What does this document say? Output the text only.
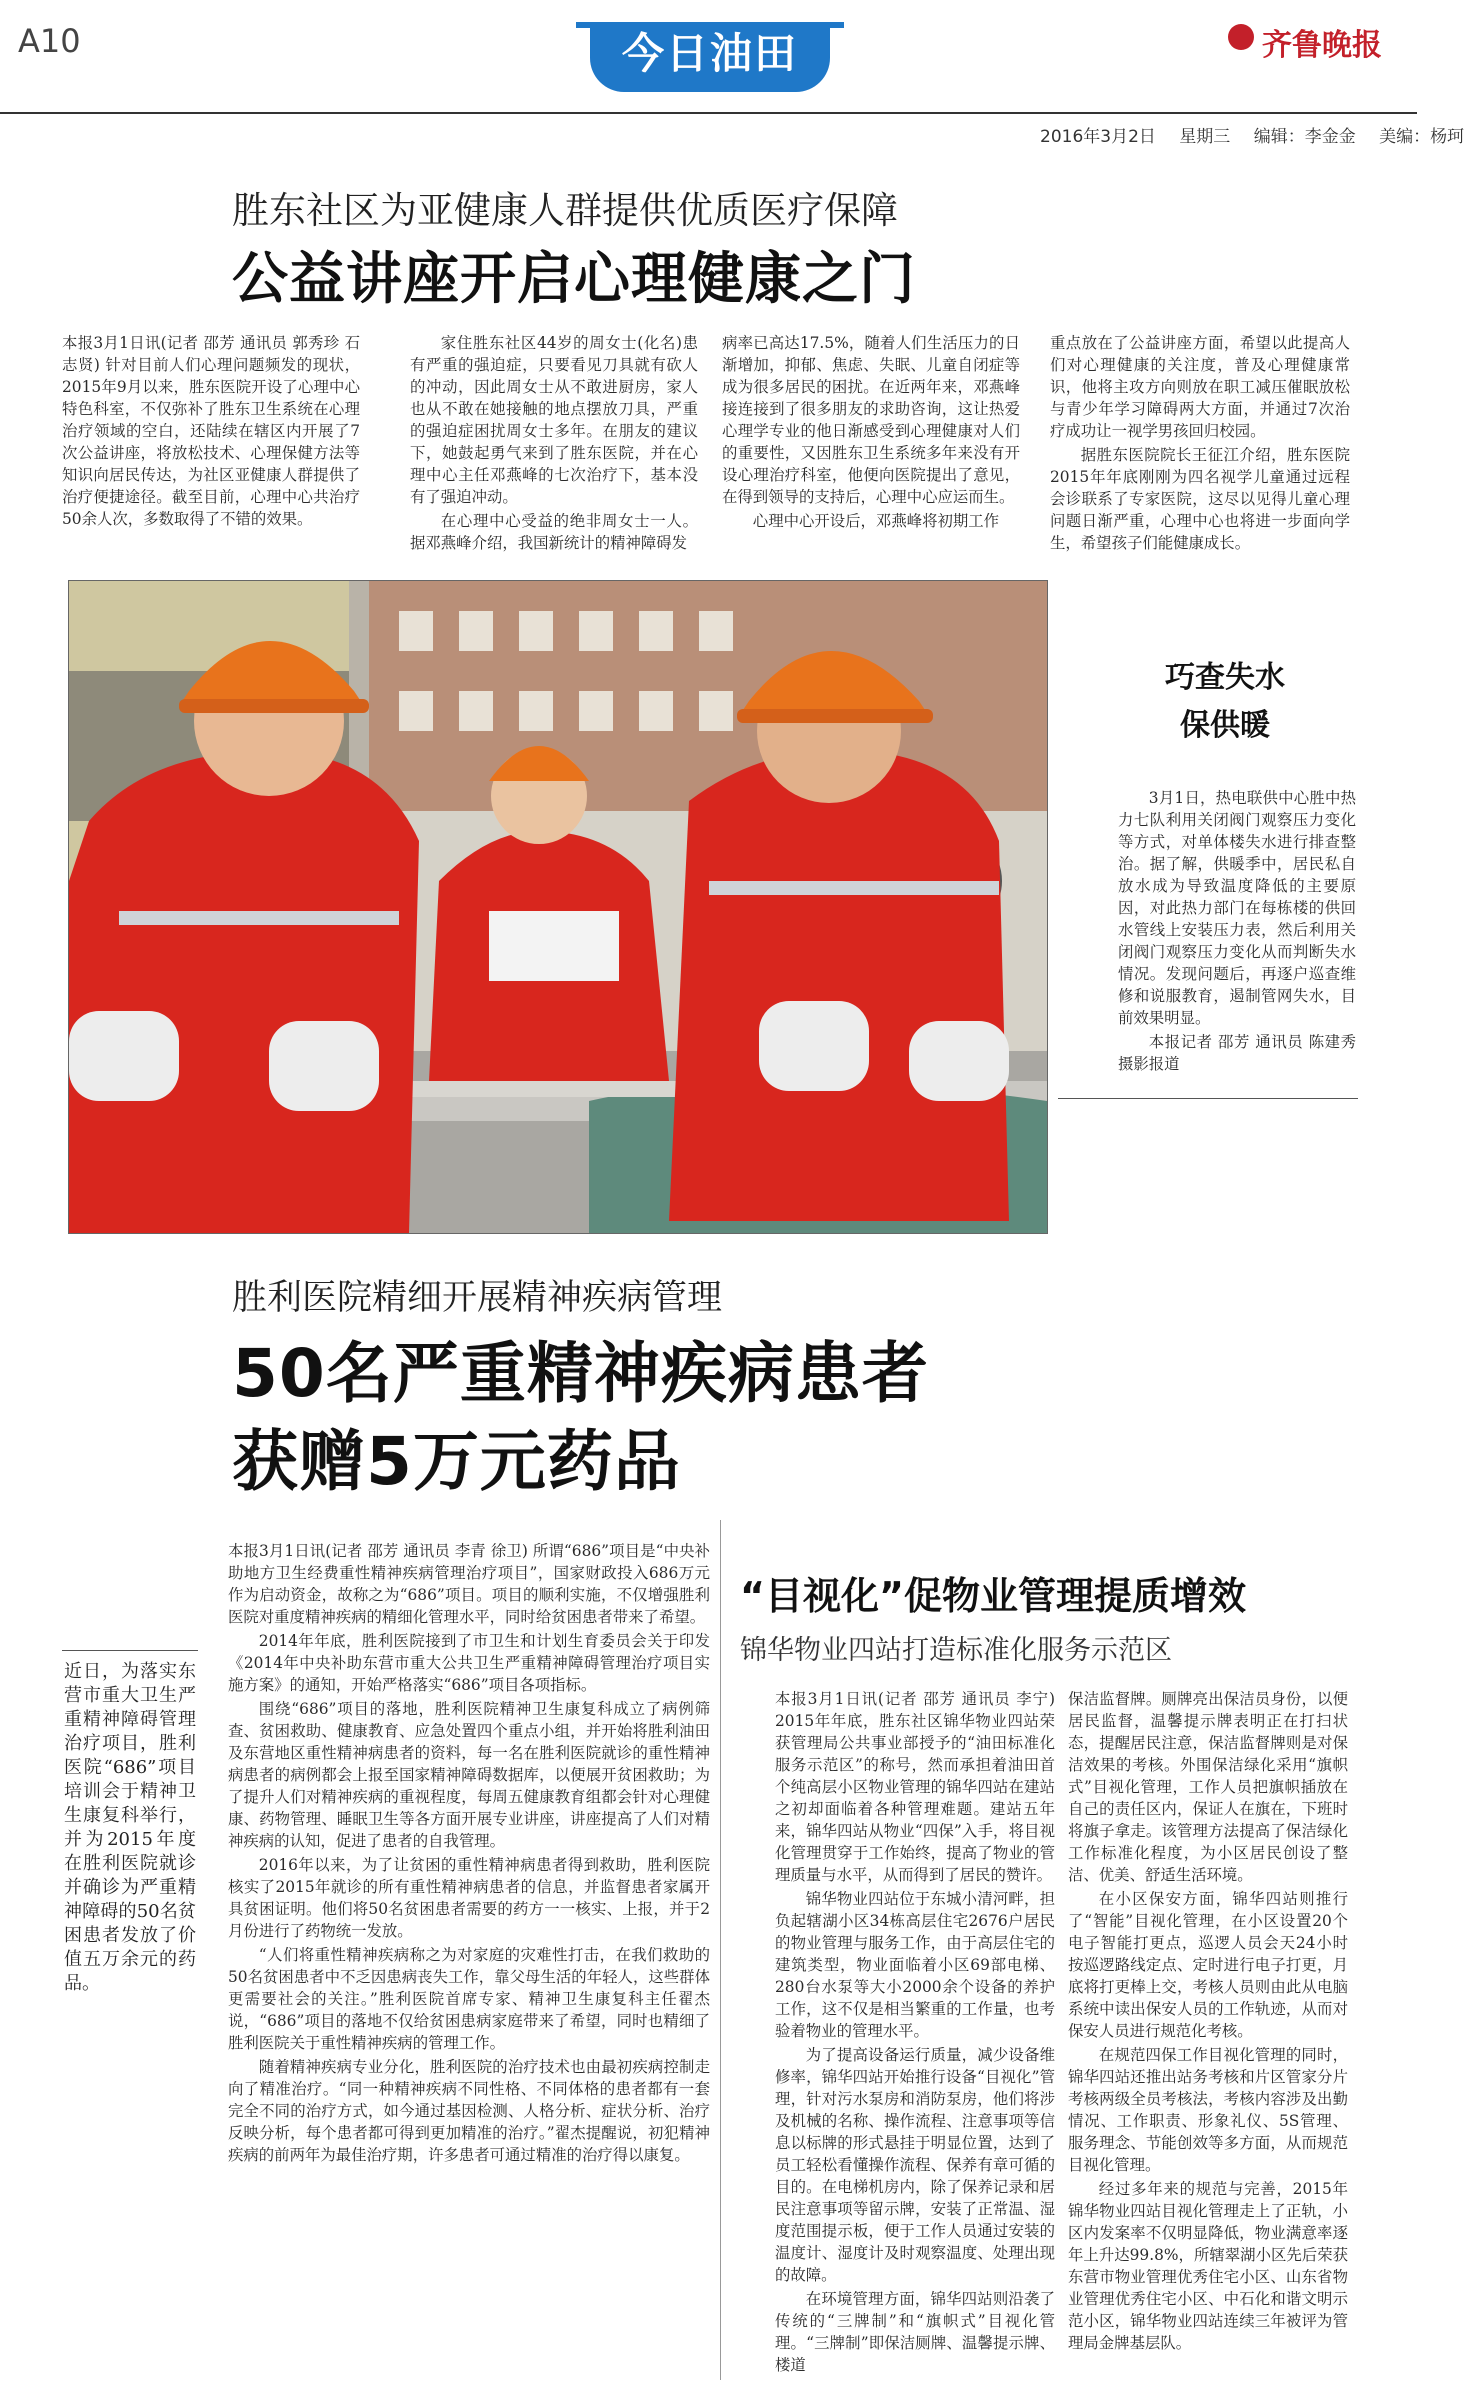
A10	今日油田	齐鲁晚报
2016年3月2日 星期三 编辑：李金金 美编：杨珂
胜东社区为亚健康人群提供优质医疗保障
公益讲座开启心理健康之门

本报3月1日讯(记者 邵芳 通讯员 郭秀珍 石志贤) 针对目前人们心理问题频发的现状，2015年9月以来，胜东医院开设了心理中心特色科室，不仅弥补了胜东卫生系统在心理治疗领域的空白，还陆续在辖区内开展了7次公益讲座，将放松技术、心理保健方法等知识向居民传达，为社区亚健康人群提供了治疗便捷途径。截至目前，心理中心共治疗50余人次，多数取得了不错的效果。

家住胜东社区44岁的周女士(化名)患有严重的强迫症，只要看见刀具就有砍人的冲动，因此周女士从不敢进厨房，家人也从不敢在她接触的地点摆放刀具，严重的强迫症困扰周女士多年。在朋友的建议下，她鼓起勇气来到了胜东医院，并在心理中心主任邓燕峰的七次治疗下，基本没有了强迫冲动。

在心理中心受益的绝非周女士一人。据邓燕峰介绍，我国新统计的精神障碍发

病率已高达17.5%，随着人们生活压力的日渐增加，抑郁、焦虑、失眠、儿童自闭症等成为很多居民的困扰。在近两年来，邓燕峰接连接到了很多朋友的求助咨询，这让热爱心理学专业的他日渐感受到心理健康对人们的重要性，又因胜东卫生系统多年来没有开设心理治疗科室，他便向医院提出了意见，在得到领导的支持后，心理中心应运而生。

心理中心开设后，邓燕峰将初期工作

重点放在了公益讲座方面，希望以此提高人们对心理健康的关注度，普及心理健康常识，他将主攻方向则放在职工减压催眠放松与青少年学习障碍两大方面，并通过7次治疗成功让一视学男孩回归校园。

据胜东医院院长王征江介绍，胜东医院2015年年底刚刚为四名视学儿童通过远程会诊联系了专家医院，这尽以见得儿童心理问题日渐严重，心理中心也将进一步面向学生，希望孩子们能健康成长。

巧查失水
保供暖

3月1日，热电联供中心胜中热力七队利用关闭阀门观察压力变化等方式，对单体楼失水进行排查整治。据了解，供暖季中，居民私自放水成为导致温度降低的主要原因，对此热力部门在每栋楼的供回水管线上安装压力表，然后利用关闭阀门观察压力变化从而判断失水情况。发现问题后，再逐户巡查维修和说服教育，遏制管网失水，目前效果明显。

本报记者 邵芳 通讯员 陈建秀 摄影报道

胜利医院精细开展精神疾病管理
50名严重精神疾病患者
获赠5万元药品
近日，为落实东营市重大卫生严重精神障碍管理治疗项目，胜利医院“686”项目培训会于精神卫生康复科举行，并为2015年度在胜利医院就诊并确诊为严重精神障碍的50名贫困患者发放了价值五万余元的药品。

本报3月1日讯(记者 邵芳 通讯员 李青 徐卫) 所谓“686”项目是“中央补助地方卫生经费重性精神疾病管理治疗项目”，国家财政投入686万元作为启动资金，故称之为“686”项目。项目的顺利实施，不仅增强胜利医院对重度精神疾病的精细化管理水平，同时给贫困患者带来了希望。

2014年年底，胜利医院接到了市卫生和计划生育委员会关于印发《2014年中央补助东营市重大公共卫生严重精神障碍管理治疗项目实施方案》的通知，开始严格落实“686”项目各项指标。

围绕“686”项目的落地，胜利医院精神卫生康复科成立了病例筛查、贫困救助、健康教育、应急处置四个重点小组，并开始将胜利油田及东营地区重性精神病患者的资料，每一名在胜利医院就诊的重性精神病患者的病例都会上报至国家精神障碍数据库，以便展开贫困救助；为了提升人们对精神疾病的重视程度，每周五健康教育组都会针对心理健康、药物管理、睡眠卫生等各方面开展专业讲座，讲座提高了人们对精神疾病的认知，促进了患者的自我管理。

2016年以来，为了让贫困的重性精神病患者得到救助，胜利医院核实了2015年就诊的所有重性精神病患者的信息，并监督患者家属开具贫困证明。他们将50名贫困患者需要的药方一一核实、上报，并于2月份进行了药物统一发放。

“人们将重性精神疾病称之为对家庭的灾难性打击，在我们救助的50名贫困患者中不乏因患病丧失工作，靠父母生活的年轻人，这些群体更需要社会的关注。”胜利医院首席专家、精神卫生康复科主任翟杰说，“686”项目的落地不仅给贫困患病家庭带来了希望，同时也精细了胜利医院关于重性精神疾病的管理工作。

随着精神疾病专业分化，胜利医院的治疗技术也由最初疾病控制走向了精准治疗。“同一种精神疾病不同性格、不同体格的患者都有一套完全不同的治疗方式，如今通过基因检测、人格分析、症状分析、治疗反映分析，每个患者都可得到更加精准的治疗。”翟杰提醒说，初犯精神疾病的前两年为最佳治疗期，许多患者可通过精准的治疗得以康复。

“目视化”促物业管理提质增效
锦华物业四站打造标准化服务示范区

本报3月1日讯(记者 邵芳 通讯员 李宁) 2015年年底，胜东社区锦华物业四站荣获管理局公共事业部授予的“油田标准化服务示范区”的称号，然而承担着油田首个纯高层小区物业管理的锦华四站在建站之初却面临着各种管理难题。建站五年来，锦华四站从物业“四保”入手，将目视化管理贯穿于工作始终，提高了物业的管理质量与水平，从而得到了居民的赞许。

锦华物业四站位于东城小清河畔，担负起辖湖小区34栋高层住宅2676户居民的物业管理与服务工作，由于高层住宅的建筑类型，物业面临着小区69部电梯、280台水泵等大小2000余个设备的养护工作，这不仅是相当繁重的工作量，也考验着物业的管理水平。

为了提高设备运行质量，减少设备维修率，锦华四站开始推行设备“目视化”管理，针对污水泵房和消防泵房，他们将涉及机械的名称、操作流程、注意事项等信息以标牌的形式悬挂于明显位置，达到了员工轻松看懂操作流程、保养有章可循的目的。在电梯机房内，除了保养记录和居民注意事项等留示牌，安装了正常温、湿度范围提示板，便于工作人员通过安装的温度计、湿度计及时观察温度、处理出现的故障。

在环境管理方面，锦华四站则沿袭了传统的“三牌制”和“旗帜式”目视化管理。“三牌制”即保洁厕牌、温馨提示牌、楼道

保洁监督牌。厕牌亮出保洁员身份，以便居民监督，温馨提示牌表明正在打扫状态，提醒居民注意，保洁监督牌则是对保洁效果的考核。外围保洁绿化采用“旗帜式”目视化管理，工作人员把旗帜插放在自己的责任区内，保证人在旗在，下班时将旗子拿走。该管理方法提高了保洁绿化工作标准化程度，为小区居民创设了整洁、优美、舒适生活环境。

在小区保安方面，锦华四站则推行了“智能”目视化管理，在小区设置20个电子智能打更点，巡逻人员会天24小时按巡逻路线定点、定时进行电子打更，月底将打更棒上交，考核人员则由此从电脑系统中读出保安人员的工作轨迹，从而对保安人员进行规范化考核。

在规范四保工作目视化管理的同时，锦华四站还推出站务考核和片区管家分片考核两级全员考核法，考核内容涉及出勤情况、工作职责、形象礼仪、5S管理、服务理念、节能创效等多方面，从而规范目视化管理。

经过多年来的规范与完善，2015年锦华物业四站目视化管理走上了正轨，小区内发案率不仅明显降低，物业满意率逐年上升达99.8%，所辖翠湖小区先后荣获东营市物业管理优秀住宅小区、山东省物业管理优秀住宅小区、中石化和谐文明示范小区，锦华物业四站连续三年被评为管理局金牌基层队。
